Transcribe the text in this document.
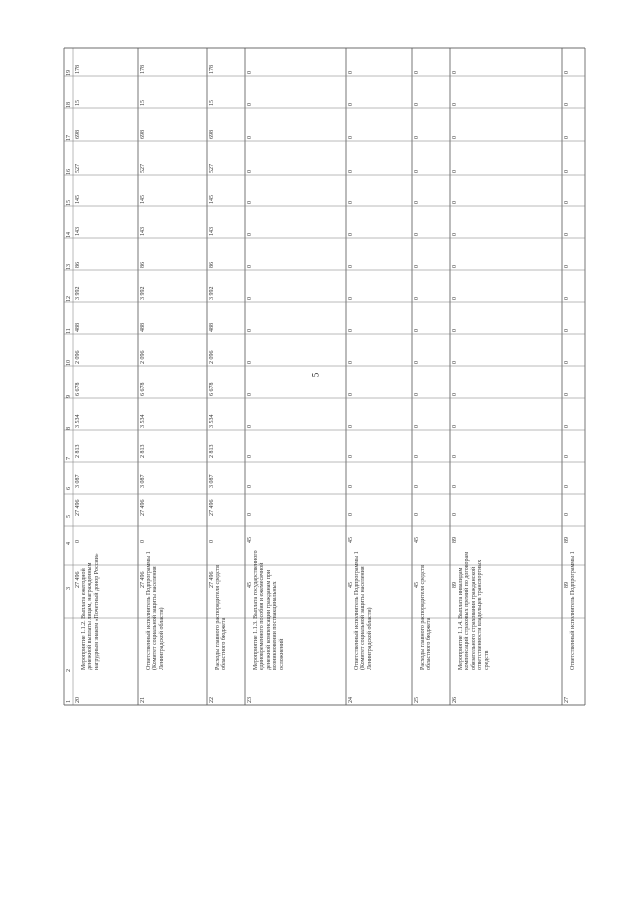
5
1
2
3
4
5
6
7
8
9
10
11
12
13
14
15
16
17
18
19
20
Мероприятие 1.1.2. Выплата ежегодной денежной выплаты лицам, награжденным нагрудным знаком «Почетный донор России»
27 496
0
27 496
3 087
2 813
3 534
6 678
2 096
488
3 992
86
143
145
527
698
15
178
21
Ответственный исполнитель Подпрограммы 1 (Комитет социальной защиты населения Ленинградской области)
27 496
0
27 496
3 087
2 813
3 534
6 678
2 096
488
3 992
86
143
145
527
698
15
178
22
Расходы главного распорядителя средств областного бюджета
27 496
0
27 496
3 087
2 813
3 534
6 678
2 096
488
3 992
86
143
145
527
698
15
178
23
Мероприятие 1.1.3. Выплата государственного единовременного пособия и ежемесячной денежной компенсации гражданам при возникновении поствакцинальных осложнений
45
45
0
0
0
0
0
0
0
0
0
0
0
0
0
0
0
24
Ответственный исполнитель Подпрограммы 1 (Комитет социальной защиты населения Ленинградской области)
45
45
0
0
0
0
0
0
0
0
0
0
0
0
0
0
0
25
Расходы главного распорядителя средств областного бюджета
45
45
0
0
0
0
0
0
0
0
0
0
0
0
0
0
0
26
Мероприятие 1.1.4. Выплата инвалидам компенсаций страховых премий по договорам обязательного страхования гражданской ответственности владельцев транспортных средств
89
89
0
0
0
0
0
0
0
0
0
0
0
0
0
0
0
27
Ответственный исполнитель Подпрограммы 1
89
89
0
0
0
0
0
0
0
0
0
0
0
0
0
0
0
